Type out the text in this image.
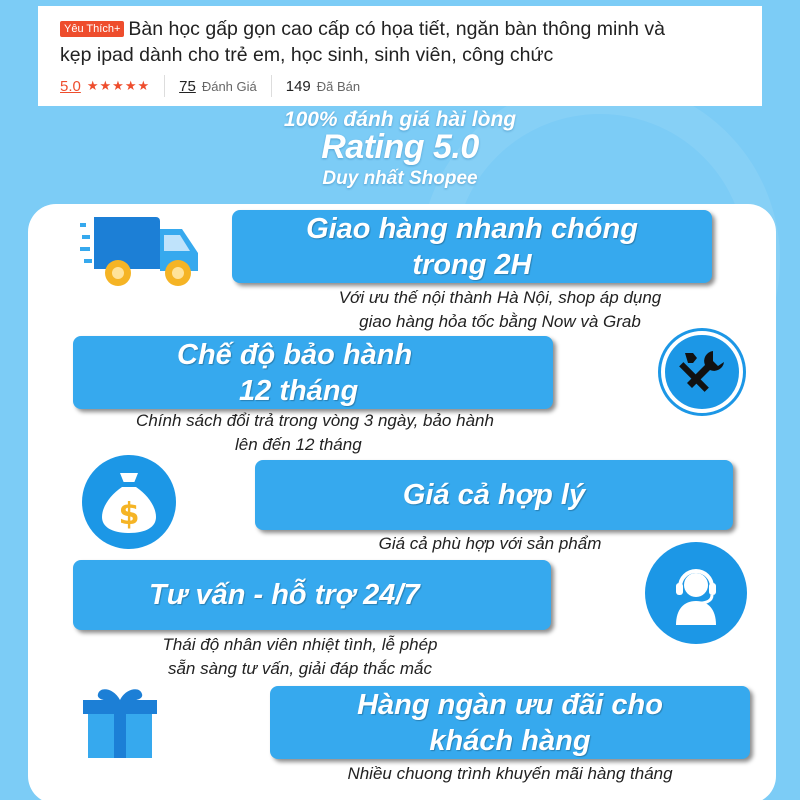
Yêu Thích+ Bàn học gấp gọn cao cấp có họa tiết, ngăn bàn thông minh và
kẹp ipad dành cho trẻ em, học sinh, sinh viên, công chức
5.0 ★★★★★ 75 Đánh Giá 149 Đã Bán
100% đánh giá hài lòng
Rating 5.0
Duy nhất Shopee
Giao hàng nhanh chóng
trong 2H
Với ưu thế nội thành Hà Nội, shop áp dụng
giao hàng hỏa tốc bằng Now và Grab
Chế độ bảo hành
12 tháng
Chính sách đổi trả trong vòng 3 ngày, bảo hành
lên đến 12 tháng
$
Giá cả hợp lý
Giá cả phù hợp với sản phẩm
Tư vấn - hỗ trợ 24/7
Thái độ nhân viên nhiệt tình, lễ phép
sẵn sàng tư vấn, giải đáp thắc mắc
Hàng ngàn ưu đãi cho
khách hàng
Nhiều chuong trình khuyến mãi hàng tháng
